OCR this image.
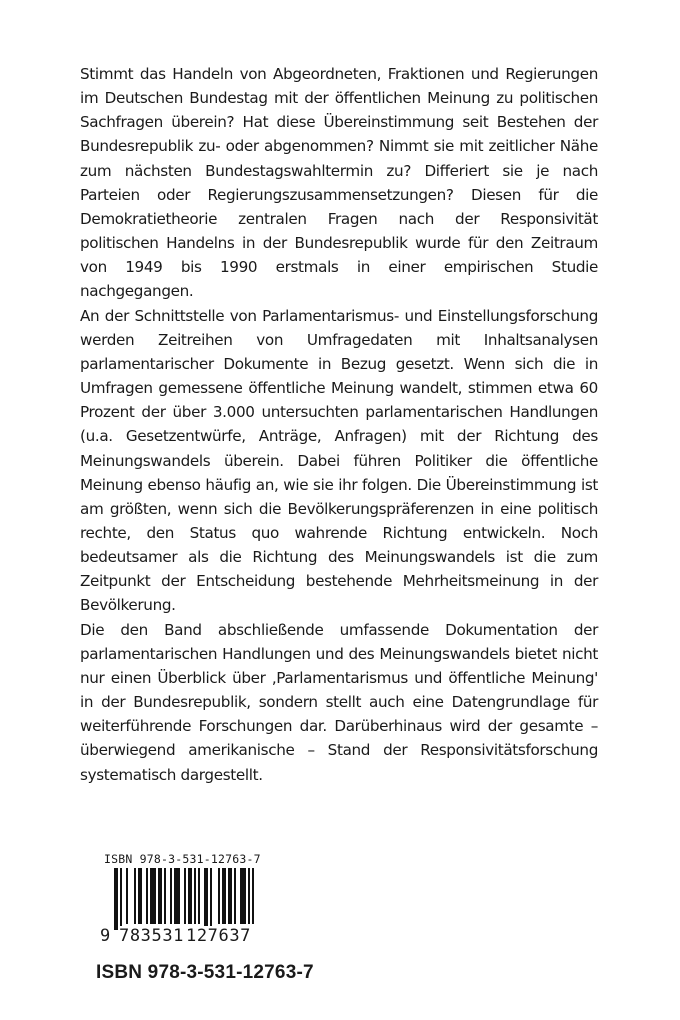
Stimmt das Handeln von Abgeordneten, Fraktionen und Regierungen im Deutschen Bundestag mit der öffentlichen Meinung zu politischen Sachfragen überein? Hat diese Übereinstimmung seit Bestehen der Bundesrepublik zu- oder abgenommen? Nimmt sie mit zeitlicher Nähe zum nächsten Bundestagswahltermin zu? Differiert sie je nach Parteien oder Regierungszusammensetzungen? Diesen für die Demokratietheorie zentralen Fragen nach der Responsivität politischen Handelns in der Bundesrepublik wurde für den Zeitraum von 1949 bis 1990 erstmals in einer empirischen Studie nachgegangen.

An der Schnittstelle von Parlamentarismus- und Einstellungsforschung werden Zeitreihen von Umfragedaten mit Inhaltsanalysen parlamentarischer Dokumente in Bezug gesetzt. Wenn sich die in Umfragen gemessene öffentliche Meinung wandelt, stimmen etwa 60 Prozent der über 3.000 untersuchten parlamentarischen Handlungen (u.a. Gesetzentwürfe, Anträge, Anfragen) mit der Richtung des Meinungswandels überein. Dabei führen Politiker die öffentliche Meinung ebenso häufig an, wie sie ihr folgen. Die Übereinstimmung ist am größten, wenn sich die Bevölkerungspräferenzen in eine politisch rechte, den Status quo wahrende Richtung entwickeln. Noch bedeutsamer als die Richtung des Meinungswandels ist die zum Zeitpunkt der Entscheidung bestehende Mehrheitsmeinung in der Bevölkerung.

Die den Band abschließende umfassende Dokumentation der parlamentarischen Handlungen und des Meinungswandels bietet nicht nur einen Überblick über ‚Parlamentarismus und öffentliche Meinung' in der Bundesrepublik, sondern stellt auch eine Datengrundlage für weiterführende Forschungen dar. Darüberhinaus wird der gesamte – überwiegend amerikanische – Stand der Responsivitätsforschung systematisch dargestellt.

ISBN 978-3-531-12763-7
9 783531 127637
ISBN 978-3-531-12763-7
